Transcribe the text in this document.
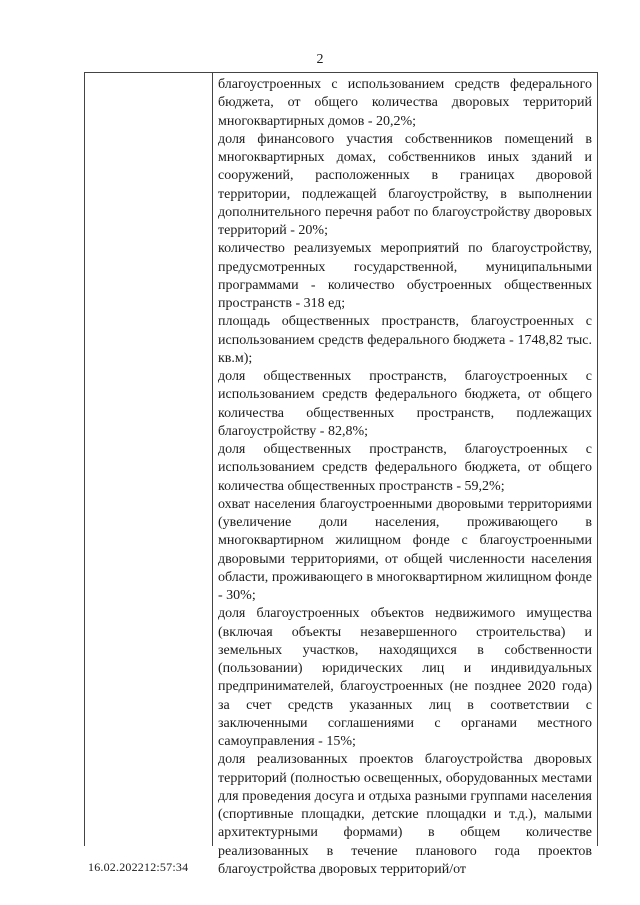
2

благоустроенных с использованием средств федерального бюджета, от общего количества дворовых территорий многоквартирных домов - 20,2%;

доля финансового участия собственников помещений в многоквартирных домах, собственников иных зданий и сооружений, расположенных в границах дворовой территории, подлежащей благоустройству, в выполнении дополнительного перечня работ по благоустройству дворовых территорий - 20%;

количество реализуемых мероприятий по благоустройству, предусмотренных государственной, муниципальными программами - количество обустроенных общественных пространств - 318 ед;

площадь общественных пространств, благоустроенных с использованием средств федерального бюджета - 1748,82 тыс. кв.м);

доля общественных пространств, благоустроенных с использованием средств федерального бюджета, от общего количества общественных пространств, подлежащих благоустройству - 82,8%;

доля общественных пространств, благоустроенных с использованием средств федерального бюджета, от общего количества общественных пространств - 59,2%;

охват населения благоустроенными дворовыми территориями (увеличение доли населения, проживающего в многоквартирном жилищном фонде с благоустроенными дворовыми территориями, от общей численности населения области, проживающего в многоквартирном жилищном фонде - 30%;

доля благоустроенных объектов недвижимого имущества (включая объекты незавершенного строительства) и земельных участков, находящихся в собственности (пользовании) юридических лиц и индивидуальных предпринимателей, благоустроенных (не позднее 2020 года) за счет средств указанных лиц в соответствии с заключенными соглашениями с органами местного самоуправления - 15%;

доля реализованных проектов благоустройства дворовых территорий (полностью освещенных, оборудованных местами для проведения досуга и отдыха разными группами населения (спортивные площадки, детские площадки и т.д.), малыми архитектурными формами) в общем количестве реализованных в течение планового года проектов благоустройства дворовых территорий/от

16.02.202212:57:34
